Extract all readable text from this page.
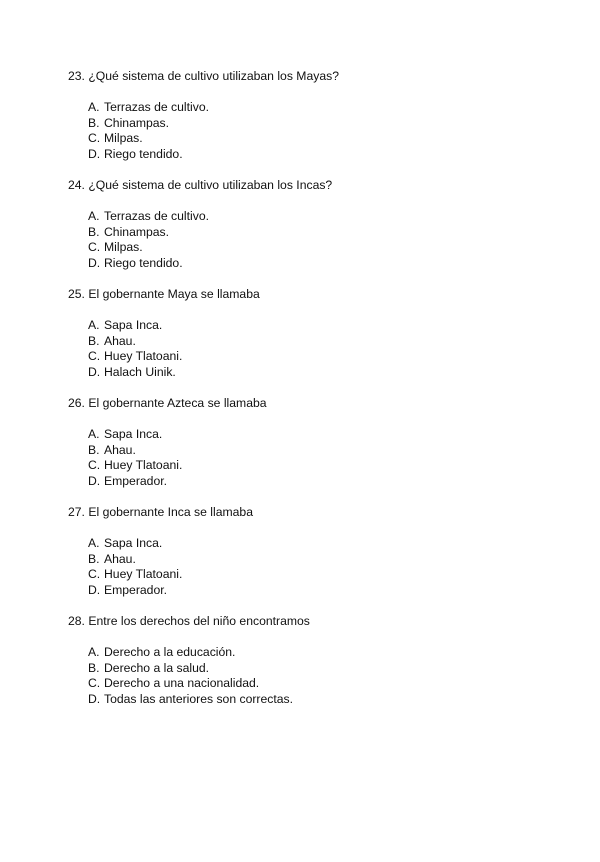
23. ¿Qué sistema de cultivo utilizaban los Mayas?

A. Terrazas de cultivo.
B. Chinampas.
C. Milpas.
D. Riego tendido.

24. ¿Qué sistema de cultivo utilizaban los Incas?

A. Terrazas de cultivo.
B. Chinampas.
C. Milpas.
D. Riego tendido.

25. El gobernante Maya se llamaba

A. Sapa Inca.
B. Ahau.
C. Huey Tlatoani.
D. Halach Uinik.

26. El gobernante Azteca se llamaba

A. Sapa Inca.
B. Ahau.
C. Huey Tlatoani.
D. Emperador.

27. El gobernante Inca se llamaba

A. Sapa Inca.
B. Ahau.
C. Huey Tlatoani.
D. Emperador.

28. Entre los derechos del niño encontramos

A. Derecho a la educación.
B. Derecho a la salud.
C. Derecho a una nacionalidad.
D. Todas las anteriores son correctas.
